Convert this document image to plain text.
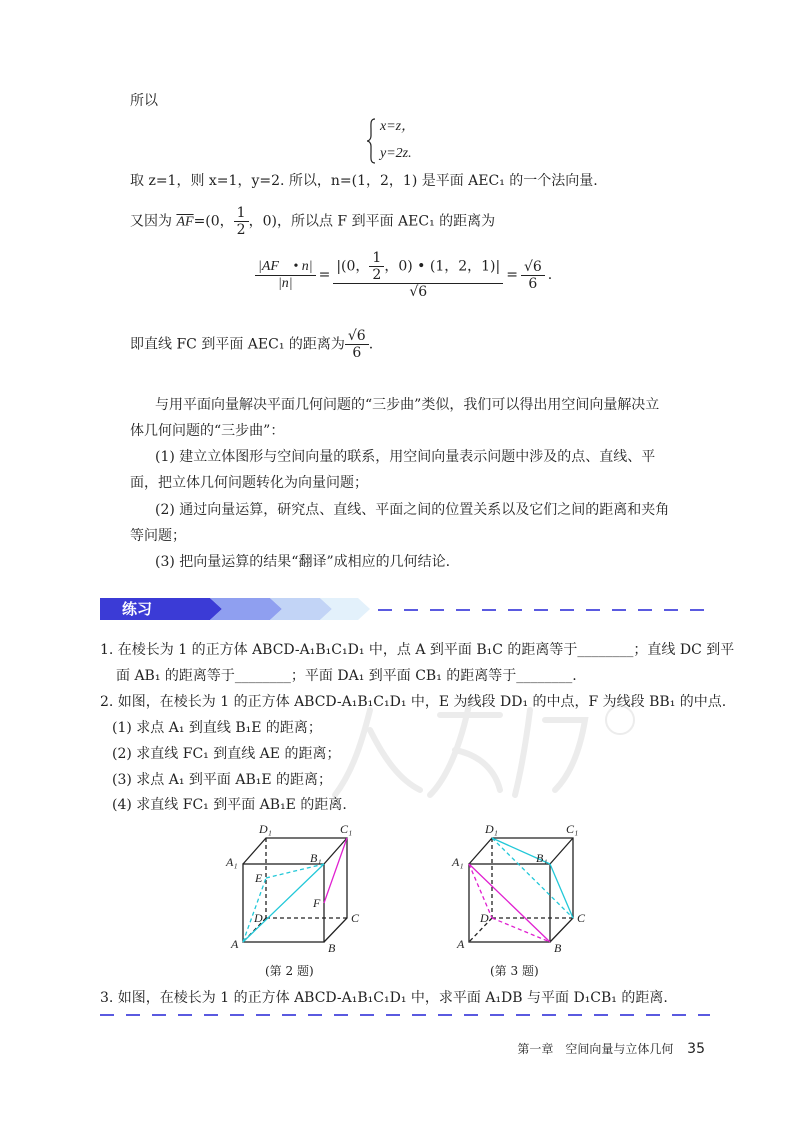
所以
x=z，
y=2z.
取 z=1，则 x=1，y=2. 所以，n=(1，2，1) 是平面 AEC₁ 的一个法向量.
又因为 $\overline{AF}=(0$， $\frac{1}{2}$ ，0)，所以点 F 到平面 AEC₁ 的距离为
$\frac{|AF⃗ • n|}{|n|} = \frac{|(0, \frac{1}{2} ,0) • (1,2,1)|}{√6} = \frac{√6}{6}$ .
即直线 FC 到平面 AEC₁ 的距离为 $\frac{√6}{6}$ .
与用平面向量解决平面几何问题的“三步曲”类似，我们可以得出用空间向量解决立
体几何问题的“三步曲”：
(1) 建立立体图形与空间向量的联系，用空间向量表示问题中涉及的点、直线、平
面，把立体几何问题转化为向量问题；
(2) 通过向量运算，研究点、直线、平面之间的位置关系以及它们之间的距离和夹角
等问题；
(3) 把向量运算的结果“翻译”成相应的几何结论.
练习
1. 在棱长为 1 的正方体 ABCD-A₁B₁C₁D₁ 中，点 A 到平面 B₁C 的距离等于________；直线 DC 到平
面 AB₁ 的距离等于________；平面 DA₁ 到平面 CB₁ 的距离等于________.
2. 如图，在棱长为 1 的正方体 ABCD-A₁B₁C₁D₁ 中，E 为线段 DD₁ 的中点，F 为线段 BB₁ 的中点.
(1) 求点 A₁ 到直线 B₁E 的距离；
(2) 求直线 FC₁ 到直线 AE 的距离；
(3) 求点 A₁ 到平面 AB₁E 的距离；
(4) 求直线 FC₁ 到平面 AB₁E 的距离.
A	B
C
D
A₁	B₁
C₁
D₁
E
F
A	B
C
D
A₁	B₁
C₁
D₁
(第 2 题)	(第 3 题)
3. 如图，在棱长为 1 的正方体 ABCD-A₁B₁C₁D₁ 中，求平面 A₁DB 与平面 D₁CB₁ 的距离.
第一章　空间向量与立体几何 35
